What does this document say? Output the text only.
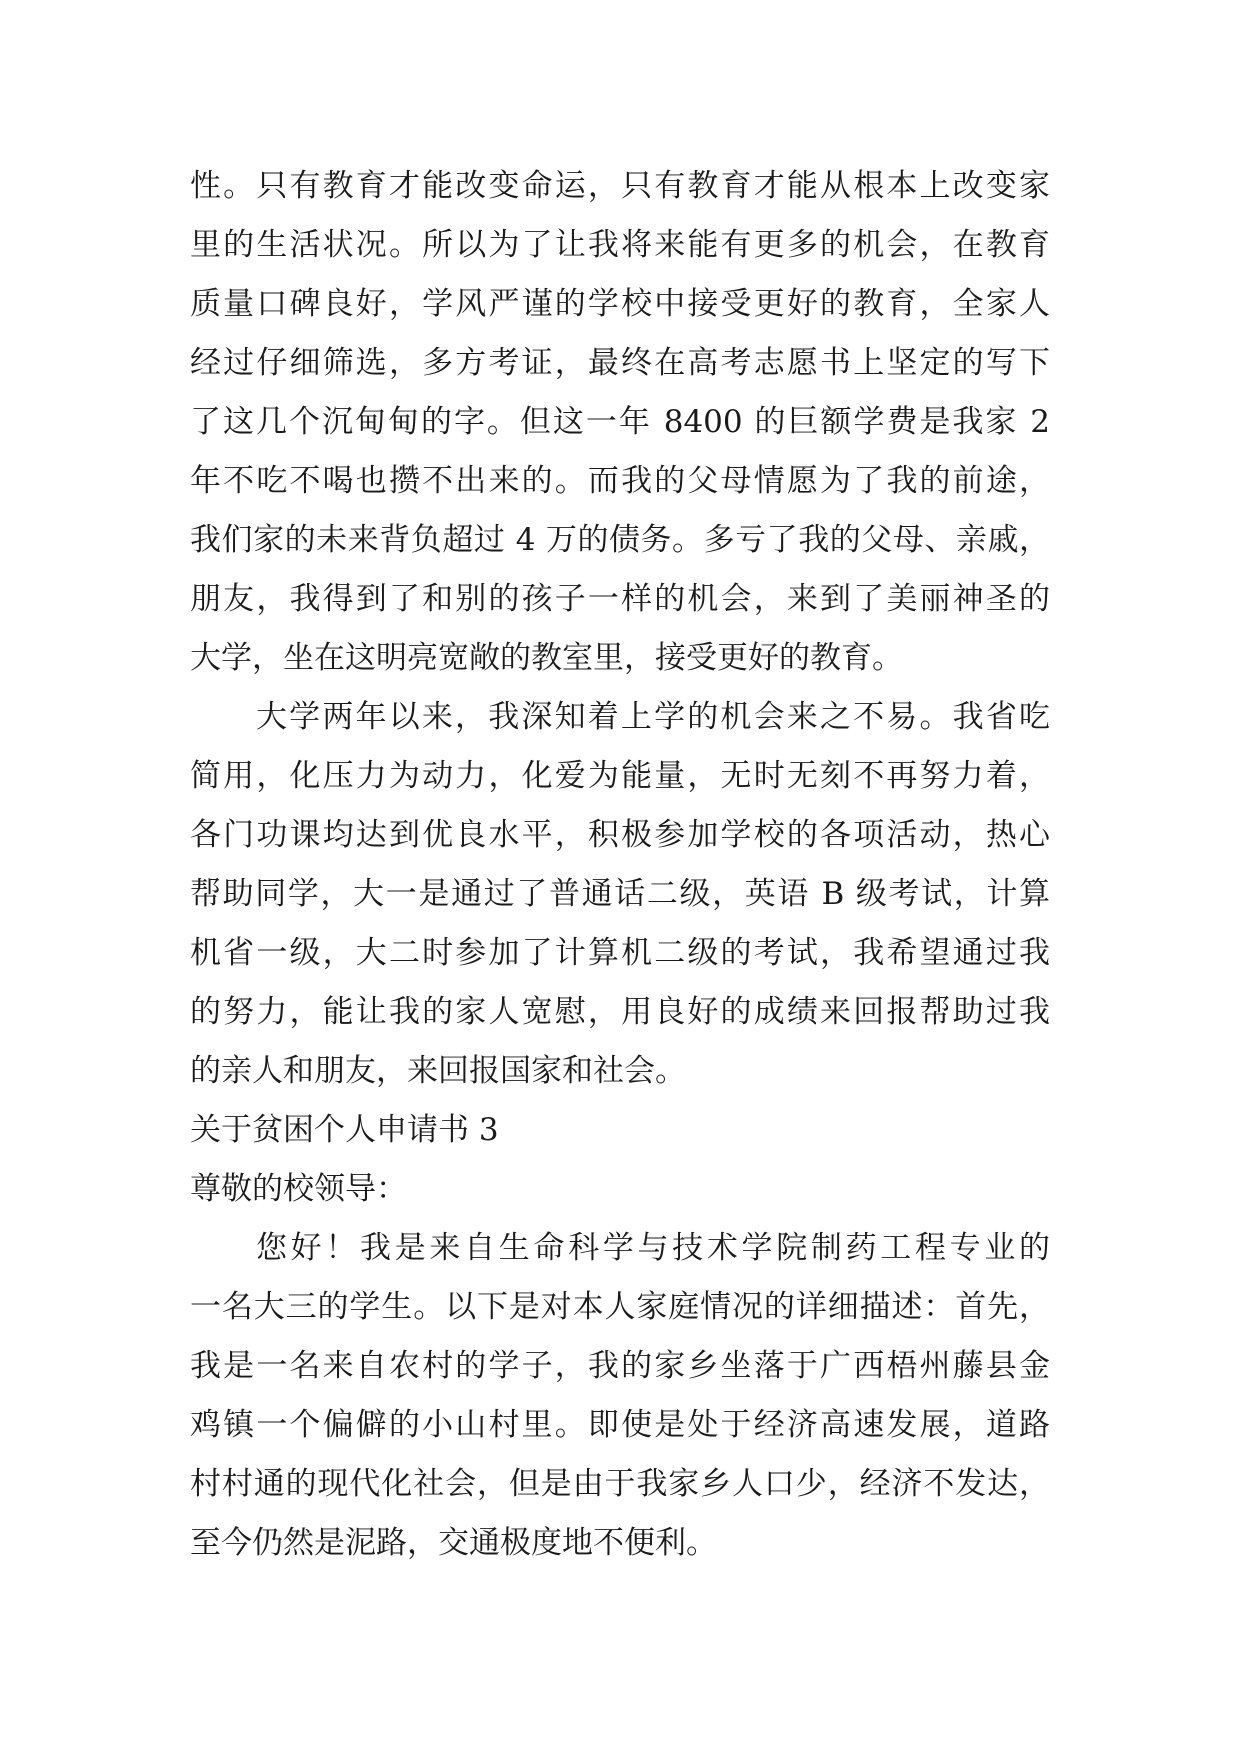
性。只有教育才能改变命运，只有教育才能从根本上改变家
里的生活状况。所以为了让我将来能有更多的机会，在教育
质量口碑良好，学风严谨的学校中接受更好的教育，全家人
经过仔细筛选，多方考证，最终在高考志愿书上坚定的写下
了这几个沉甸甸的字。但这一年 8400 的巨额学费是我家 2
年不吃不喝也攒不出来的。而我的父母情愿为了我的前途，
我们家的未来背负超过 4 万的债务。多亏了我的父母、亲戚，
朋友，我得到了和别的孩子一样的机会，来到了美丽神圣的
大学，坐在这明亮宽敞的教室里，接受更好的教育。
大学两年以来，我深知着上学的机会来之不易。我省吃
简用，化压力为动力，化爱为能量，无时无刻不再努力着，
各门功课均达到优良水平，积极参加学校的各项活动，热心
帮助同学，大一是通过了普通话二级，英语 B 级考试，计算
机省一级，大二时参加了计算机二级的考试，我希望通过我
的努力，能让我的家人宽慰，用良好的成绩来回报帮助过我
的亲人和朋友，来回报国家和社会。
关于贫困个人申请书 3
尊敬的校领导：
您好！我是来自生命科学与技术学院制药工程专业的
一名大三的学生。以下是对本人家庭情况的详细描述：首先，
我是一名来自农村的学子，我的家乡坐落于广西梧州藤县金
鸡镇一个偏僻的小山村里。即使是处于经济高速发展，道路
村村通的现代化社会，但是由于我家乡人口少，经济不发达，
至今仍然是泥路，交通极度地不便利。
